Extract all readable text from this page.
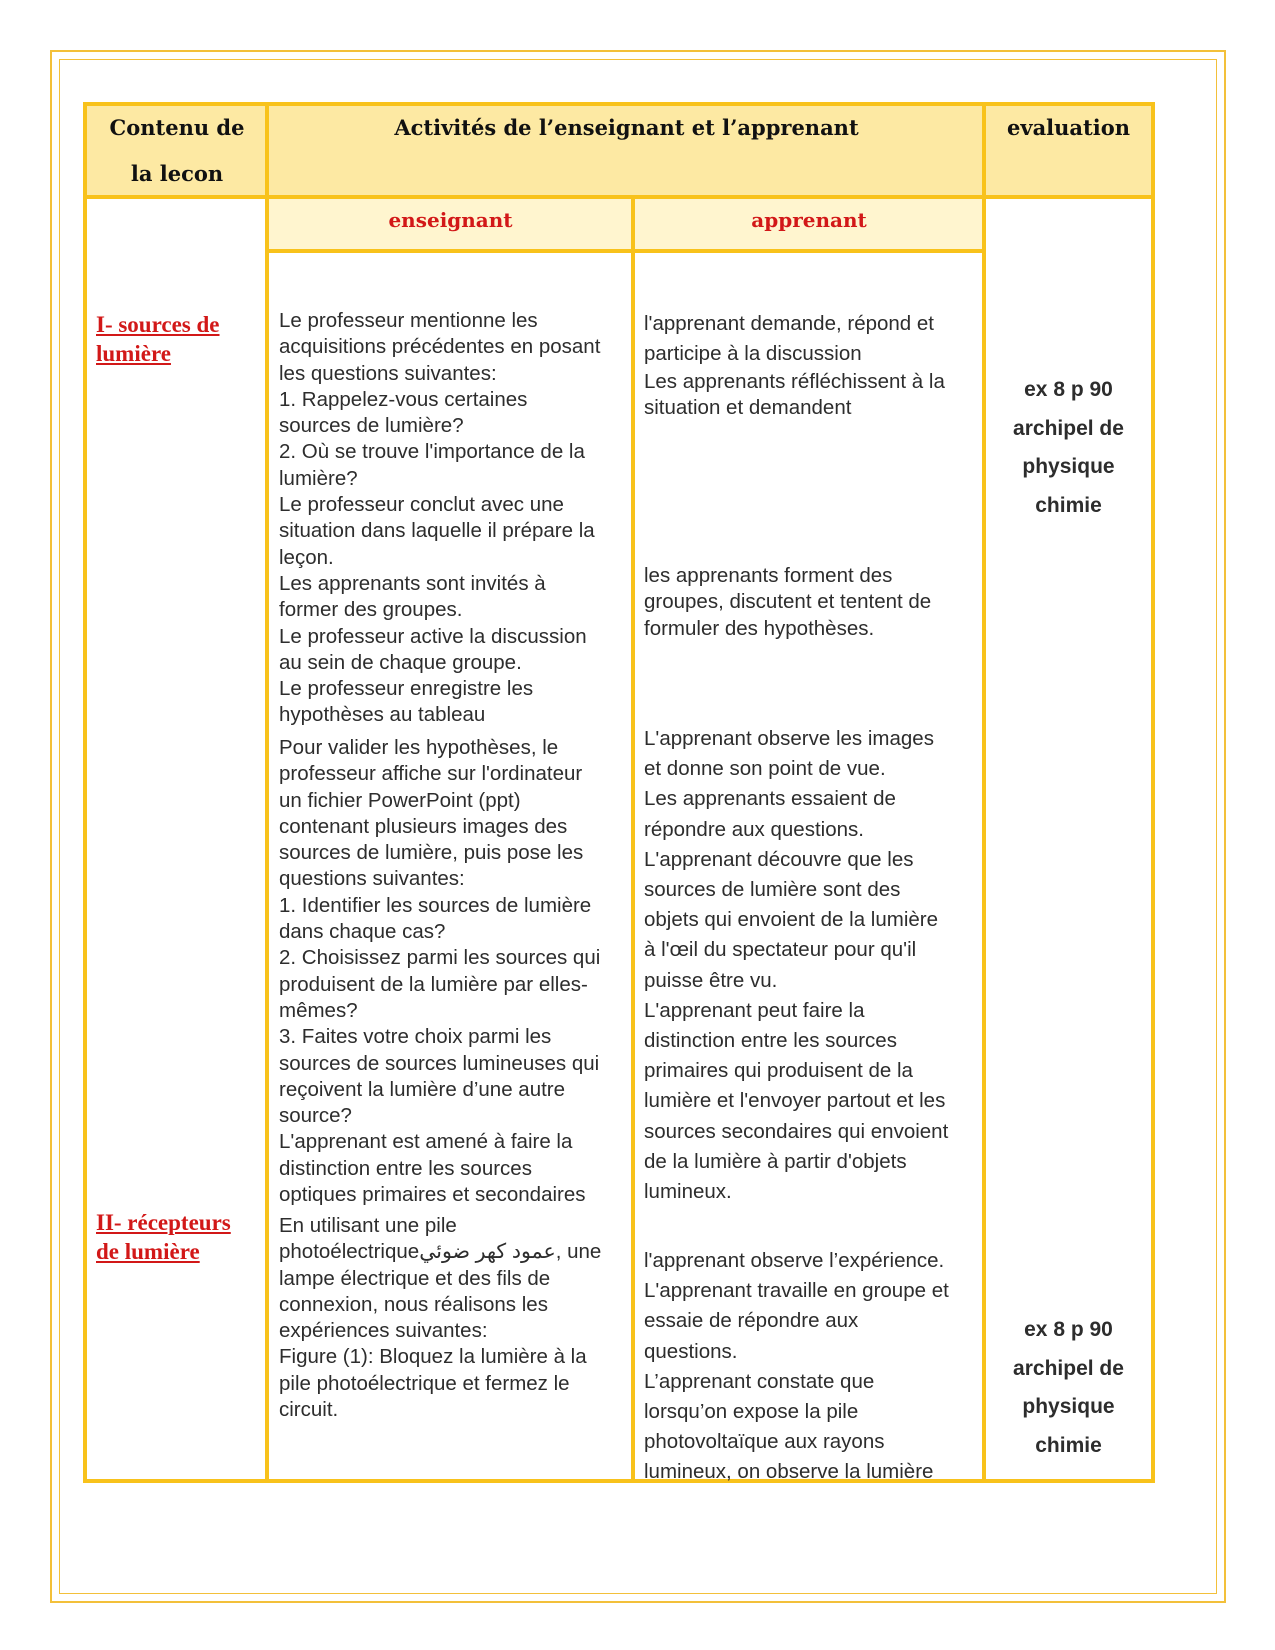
Contenu de la lecon
Activités de l’enseignant et l’apprenant	evaluation
enseignant	apprenant
I- sources de lumière
II- récepteurs de lumière
Le professeur mentionne les
acquisitions précédentes en posant
les questions suivantes:
1. Rappelez-vous certaines
sources de lumière?
2. Où se trouve l'importance de la
lumière?
Le professeur conclut avec une
situation dans laquelle il prépare la
leçon.
Les apprenants sont invités à
former des groupes.
Le professeur active la discussion
au sein de chaque groupe.
Le professeur enregistre les
hypothèses au tableau
Pour valider les hypothèses, le
professeur affiche sur l'ordinateur
un fichier PowerPoint (ppt)
contenant plusieurs images des
sources de lumière, puis pose les
questions suivantes:
1. Identifier les sources de lumière
dans chaque cas?
2. Choisissez parmi les sources qui
produisent de la lumière par elles-
mêmes?
3. Faites votre choix parmi les
sources de sources lumineuses qui
reçoivent la lumière d’une autre
source?
L'apprenant est amené à faire la
distinction entre les sources
optiques primaires et secondaires
En utilisant une pile
photoélectriqueعمود كهر ضوئي, une
lampe électrique et des fils de
connexion, nous réalisons les
expériences suivantes:
Figure (1): Bloquez la lumière à la
pile photoélectrique et fermez le
circuit.
l'apprenant demande, répond et
participe à la discussion
Les apprenants réfléchissent à la
situation et demandent
les apprenants forment des
groupes, discutent et tentent de
formuler des hypothèses.
L'apprenant observe les images
et donne son point de vue.
Les apprenants essaient de
répondre aux questions.
L'apprenant découvre que les
sources de lumière sont des
objets qui envoient de la lumière
à l'œil du spectateur pour qu'il
puisse être vu.
L'apprenant peut faire la
distinction entre les sources
primaires qui produisent de la
lumière et l'envoyer partout et les
sources secondaires qui envoient
de la lumière à partir d'objets
lumineux.
l'apprenant observe l’expérience.
L'apprenant travaille en groupe et
essaie de répondre aux
questions.
L’apprenant constate que
lorsqu’on expose la pile
photovoltaïque aux rayons
lumineux, on observe la lumière
ex 8 p 90
archipel de
physique
chimie
ex 8 p 90
archipel de
physique
chimie
